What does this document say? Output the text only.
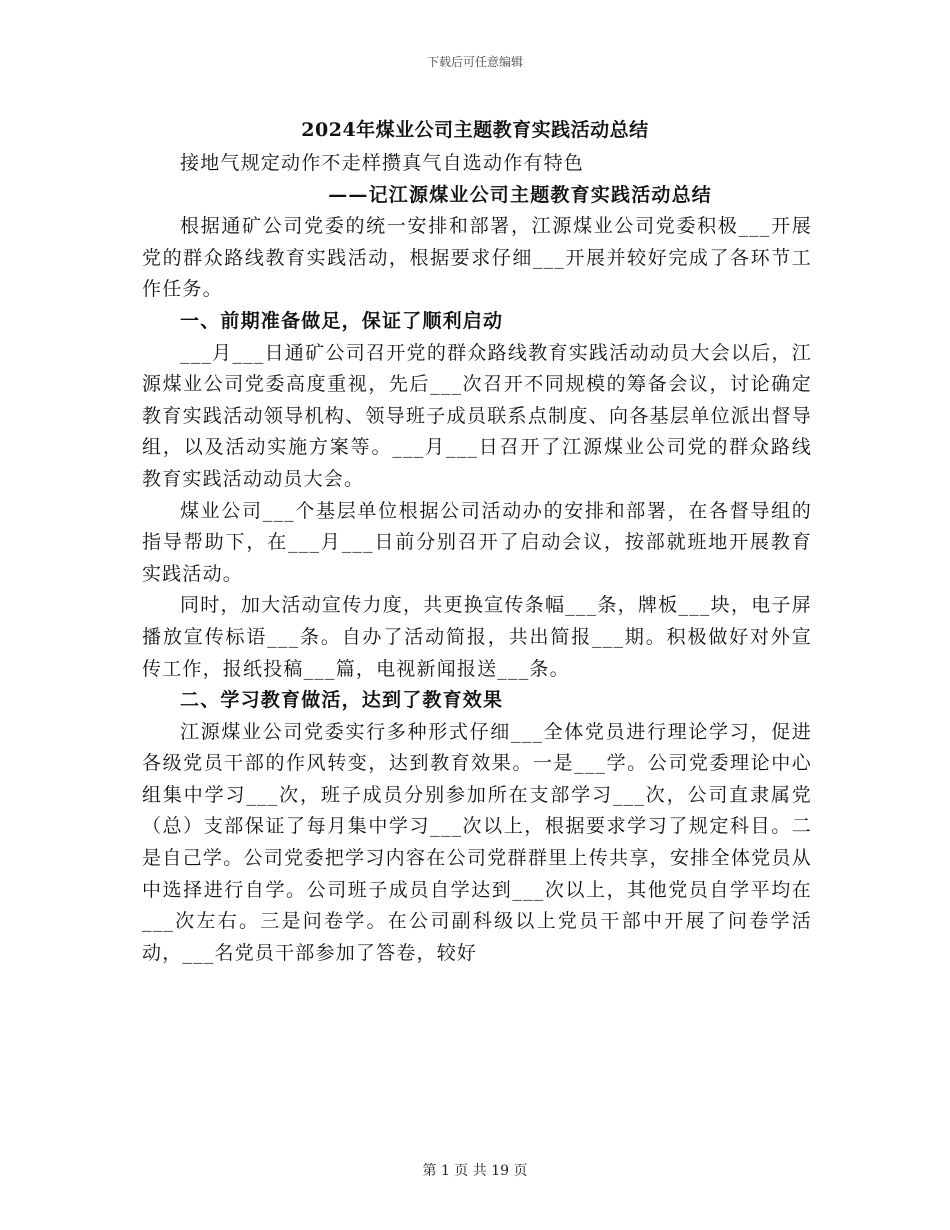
下载后可任意编辑
2024年煤业公司主题教育实践活动总结

接地气规定动作不走样攒真气自选动作有特色

——记江源煤业公司主题教育实践活动总结

根据通矿公司党委的统一安排和部署，江源煤业公司党委积极___开展党的群众路线教育实践活动，根据要求仔细___开展并较好完成了各环节工作任务。

一、前期准备做足，保证了顺利启动

___月___日通矿公司召开党的群众路线教育实践活动动员大会以后，江源煤业公司党委高度重视，先后___次召开不同规模的筹备会议，讨论确定教育实践活动领导机构、领导班子成员联系点制度、向各基层单位派出督导组，以及活动实施方案等。___月___日召开了江源煤业公司党的群众路线教育实践活动动员大会。

煤业公司___个基层单位根据公司活动办的安排和部署，在各督导组的指导帮助下，在___月___日前分别召开了启动会议，按部就班地开展教育实践活动。

同时，加大活动宣传力度，共更换宣传条幅___条，牌板___块，电子屏播放宣传标语___条。自办了活动简报，共出简报___期。积极做好对外宣传工作，报纸投稿___篇，电视新闻报送___条。

二、学习教育做活，达到了教育效果

江源煤业公司党委实行多种形式仔细___全体党员进行理论学习，促进各级党员干部的作风转变，达到教育效果。一是___学。公司党委理论中心组集中学习___次，班子成员分别参加所在支部学习___次，公司直隶属党（总）支部保证了每月集中学习___次以上，根据要求学习了规定科目。二是自己学。公司党委把学习内容在公司党群群里上传共享，安排全体党员从中选择进行自学。公司班子成员自学达到___次以上，其他党员自学平均在___次左右。三是问卷学。在公司副科级以上党员干部中开展了问卷学活动，___名党员干部参加了答卷，较好

第 1 页 共 19 页
